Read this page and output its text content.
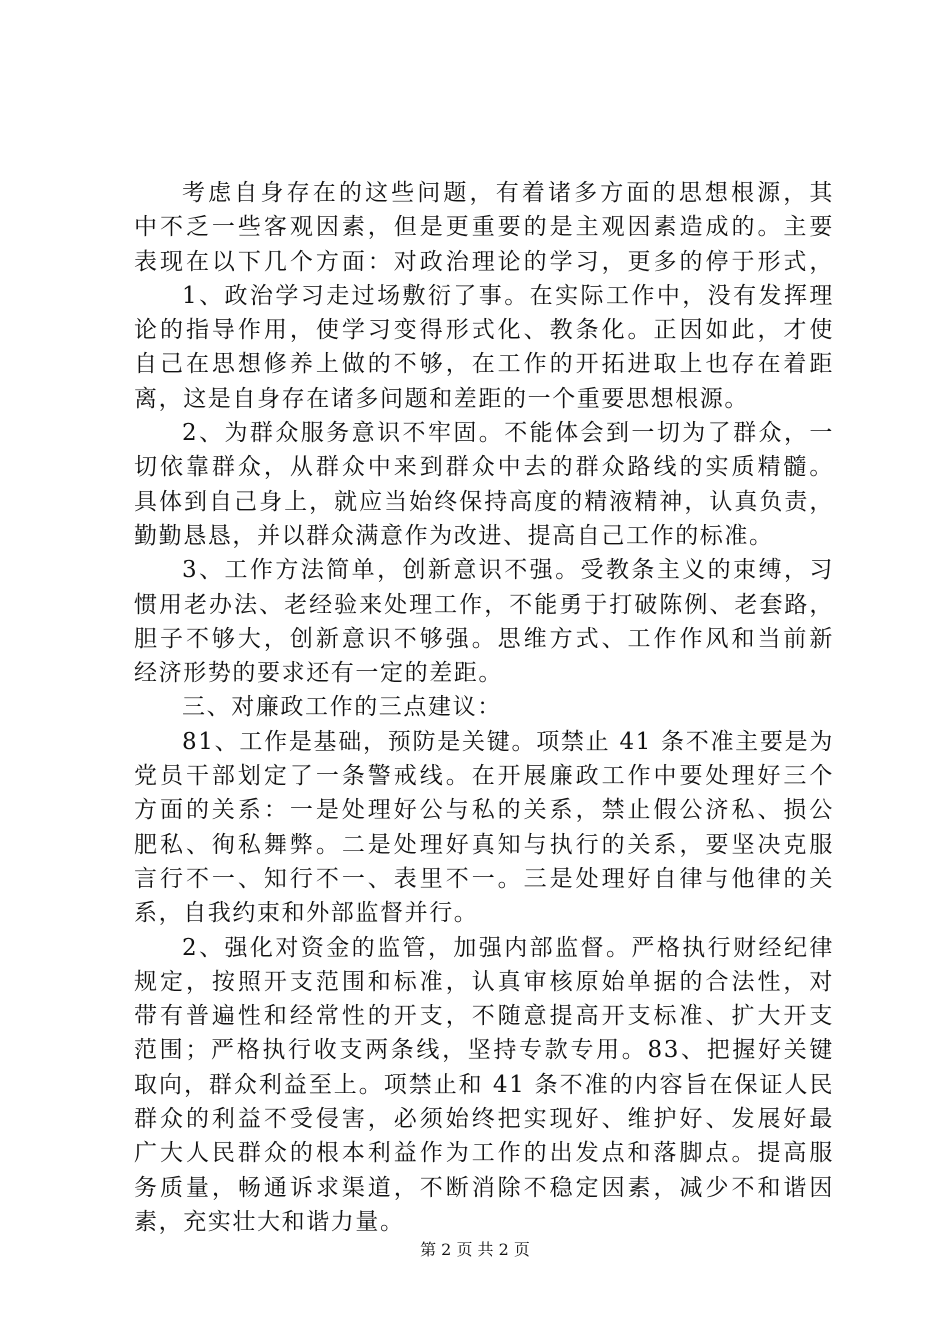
考虑自身存在的这些问题，有着诸多方面的思想根源，其
中不乏一些客观因素，但是更重要的是主观因素造成的。主要
表现在以下几个方面：对政治理论的学习，更多的停于形式，
1、政治学习走过场敷衍了事。在实际工作中，没有发挥理
论的指导作用，使学习变得形式化、教条化。正因如此，才使
自己在思想修养上做的不够，在工作的开拓进取上也存在着距
离，这是自身存在诸多问题和差距的一个重要思想根源。
2、为群众服务意识不牢固。不能体会到一切为了群众，一
切依靠群众，从群众中来到群众中去的群众路线的实质精髓。
具体到自己身上，就应当始终保持高度的精液精神，认真负责，
勤勤恳恳，并以群众满意作为改进、提高自己工作的标准。
3、工作方法简单，创新意识不强。受教条主义的束缚，习
惯用老办法、老经验来处理工作，不能勇于打破陈例、老套路，
胆子不够大，创新意识不够强。思维方式、工作作风和当前新
经济形势的要求还有一定的差距。
三、对廉政工作的三点建议：
81、工作是基础，预防是关键。项禁止 41 条不准主要是为
党员干部划定了一条警戒线。在开展廉政工作中要处理好三个
方面的关系：一是处理好公与私的关系，禁止假公济私、损公
肥私、徇私舞弊。二是处理好真知与执行的关系，要坚决克服
言行不一、知行不一、表里不一。三是处理好自律与他律的关
系，自我约束和外部监督并行。
2、强化对资金的监管，加强内部监督。严格执行财经纪律
规定，按照开支范围和标准，认真审核原始单据的合法性，对
带有普遍性和经常性的开支，不随意提高开支标准、扩大开支
范围；严格执行收支两条线，坚持专款专用。83、把握好关键
取向，群众利益至上。项禁止和 41 条不准的内容旨在保证人民
群众的利益不受侵害，必须始终把实现好、维护好、发展好最
广大人民群众的根本利益作为工作的出发点和落脚点。提高服
务质量，畅通诉求渠道，不断消除不稳定因素，减少不和谐因
素，充实壮大和谐力量。
第 2 页 共 2 页
